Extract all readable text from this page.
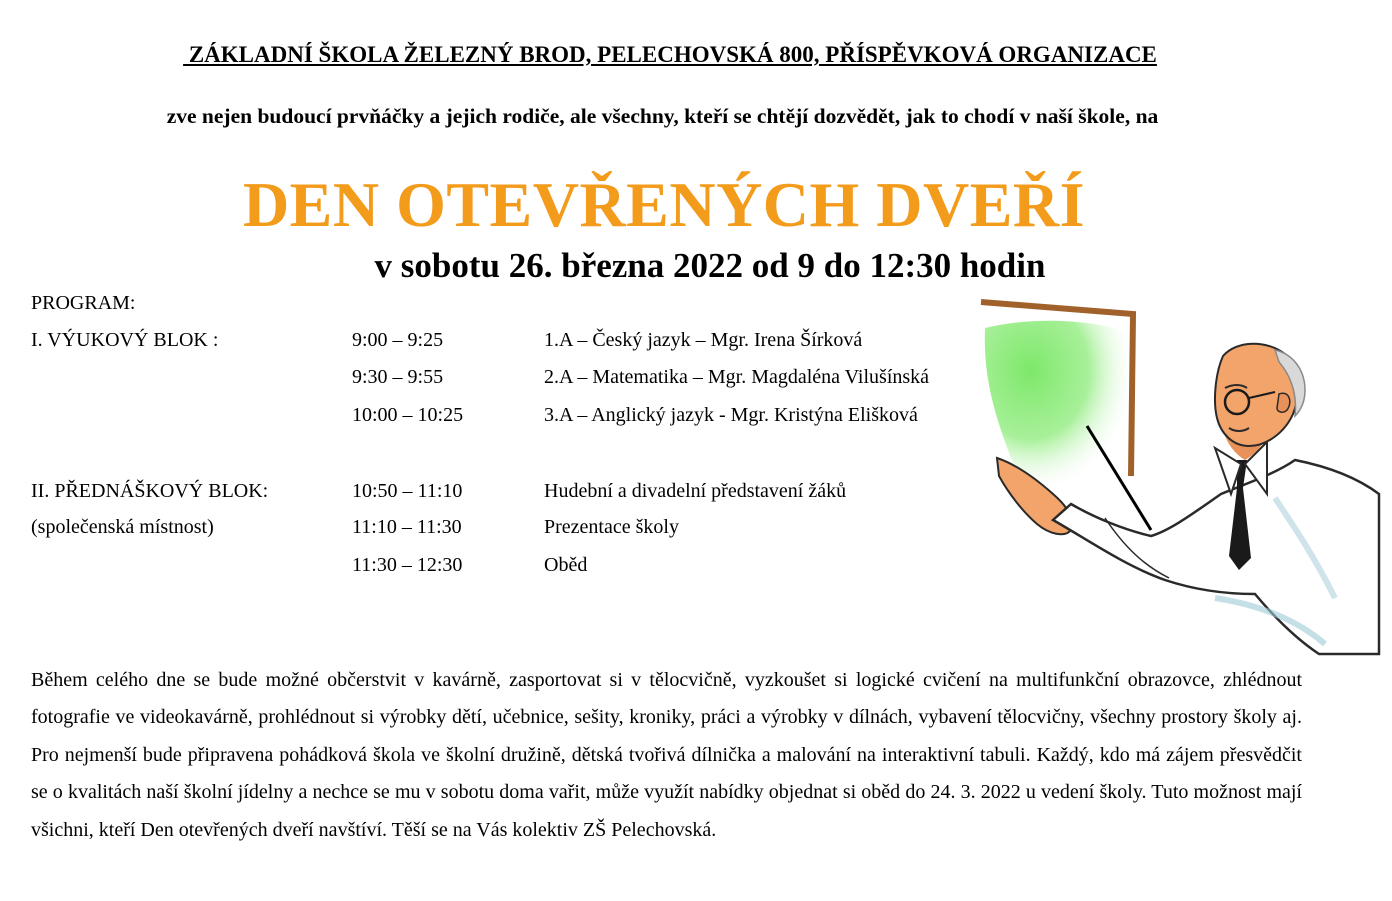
ZÁKLADNÍ ŠKOLA ŽELEZNÝ BROD, PELECHOVSKÁ 800, PŘÍSPĚVKOVÁ ORGANIZACE
zve nejen budoucí prvňáčky a jejich rodiče, ale všechny, kteří se chtějí dozvědět, jak to chodí v naší škole, na
DEN OTEVŘENÝCH DVEŘÍ
v sobotu 26. března 2022 od 9 do 12:30 hodin
PROGRAM:
I. VÝUKOVÝ BLOK :	9:00 – 9:25	1.A – Český jazyk – Mgr. Irena Šírková
9:30 – 9:55	2.A – Matematika – Mgr. Magdaléna Vilušínská
10:00 – 10:25	3.A – Anglický jazyk - Mgr. Kristýna Elišková
II. PŘEDNÁŠKOVÝ BLOK:
(společenská místnost)
10:50 – 11:10	Hudební a divadelní představení žáků
11:10 – 11:30	Prezentace školy
11:30 – 12:30	Oběd

Během celého dne se bude možné občerstvit v kavárně, zasportovat si v tělocvičně, vyzkoušet si logické cvičení na multifunkční obrazovce, zhlédnout fotografie ve videokavárně, prohlédnout si výrobky dětí, učebnice, sešity, kroniky, práci a výrobky v dílnách, vybavení tělocvičny, všechny prostory školy aj. Pro nejmenší bude připravena pohádková škola ve školní družině, dětská tvořivá dílnička a malování na interaktivní tabuli. Každý, kdo má zájem přesvědčit se o kvalitách naší školní jídelny a nechce se mu v sobotu doma vařit, může využít nabídky objednat si oběd do 24. 3. 2022 u vedení školy. Tuto možnost mají všichni, kteří Den otevřených dveří navštíví. Těší se na Vás kolektiv ZŠ Pelechovská.
